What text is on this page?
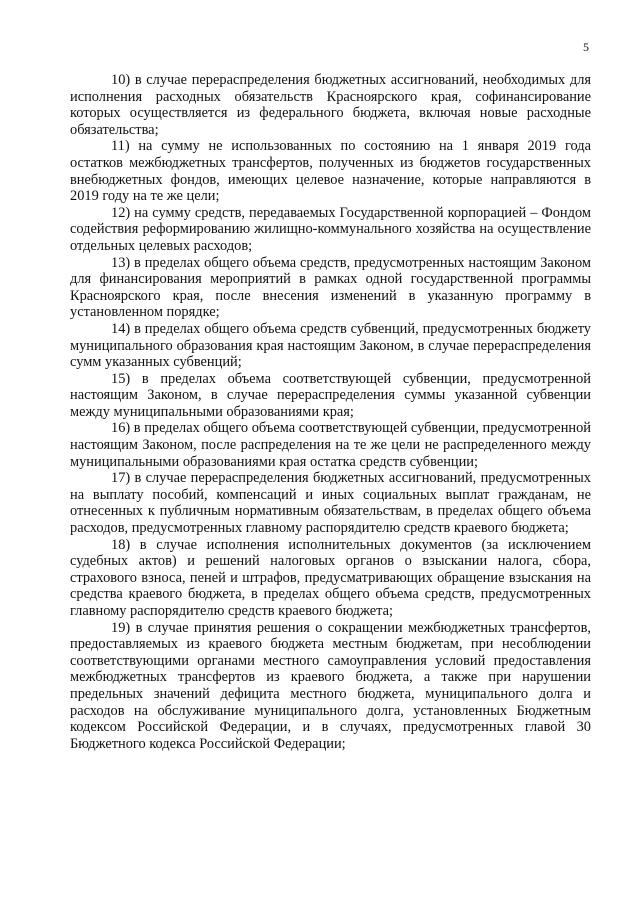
5

10) в случае перераспределения бюджетных ассигнований, необходимых для исполнения расходных обязательств Красноярского края, софинансирование которых осуществляется из федерального бюджета, включая новые расходные обязательства;

11) на сумму не использованных по состоянию на 1 января 2019 года остатков межбюджетных трансфертов, полученных из бюджетов государственных внебюджетных фондов, имеющих целевое назначение, которые направляются в 2019 году на те же цели;

12) на сумму средств, передаваемых Государственной корпорацией – Фондом содействия реформированию жилищно-коммунального хозяйства на осуществление отдельных целевых расходов;

13) в пределах общего объема средств, предусмотренных настоящим Законом для финансирования мероприятий в рамках одной государственной программы Красноярского края, после внесения изменений в указанную программу в установленном порядке;

14) в пределах общего объема средств субвенций, предусмотренных бюджету муниципального образования края настоящим Законом, в случае перераспределения сумм указанных субвенций;

15) в пределах объема соответствующей субвенции, предусмотренной настоящим Законом, в случае перераспределения суммы указанной субвенции между муниципальными образованиями края;

16) в пределах общего объема соответствующей субвенции, предусмотренной настоящим Законом, после распределения на те же цели не распределенного между муниципальными образованиями края остатка средств субвенции;

17) в случае перераспределения бюджетных ассигнований, предусмотренных на выплату пособий, компенсаций и иных социальных выплат гражданам, не отнесенных к публичным нормативным обязательствам, в пределах общего объема расходов, предусмотренных главному распорядителю средств краевого бюджета;

18) в случае исполнения исполнительных документов (за исключением судебных актов) и решений налоговых органов о взыскании налога, сбора, страхового взноса, пеней и штрафов, предусматривающих обращение взыскания на средства краевого бюджета, в пределах общего объема средств, предусмотренных главному распорядителю средств краевого бюджета;

19) в случае принятия решения о сокращении межбюджетных трансфертов, предоставляемых из краевого бюджета местным бюджетам, при несоблюдении соответствующими органами местного самоуправления условий предоставления межбюджетных трансфертов из краевого бюджета, а также при нарушении предельных значений дефицита местного бюджета, муниципального долга и расходов на обслуживание муниципального долга, установленных Бюджетным кодексом Российской Федерации, и в случаях, предусмотренных главой 30 Бюджетного кодекса Российской Федерации;
